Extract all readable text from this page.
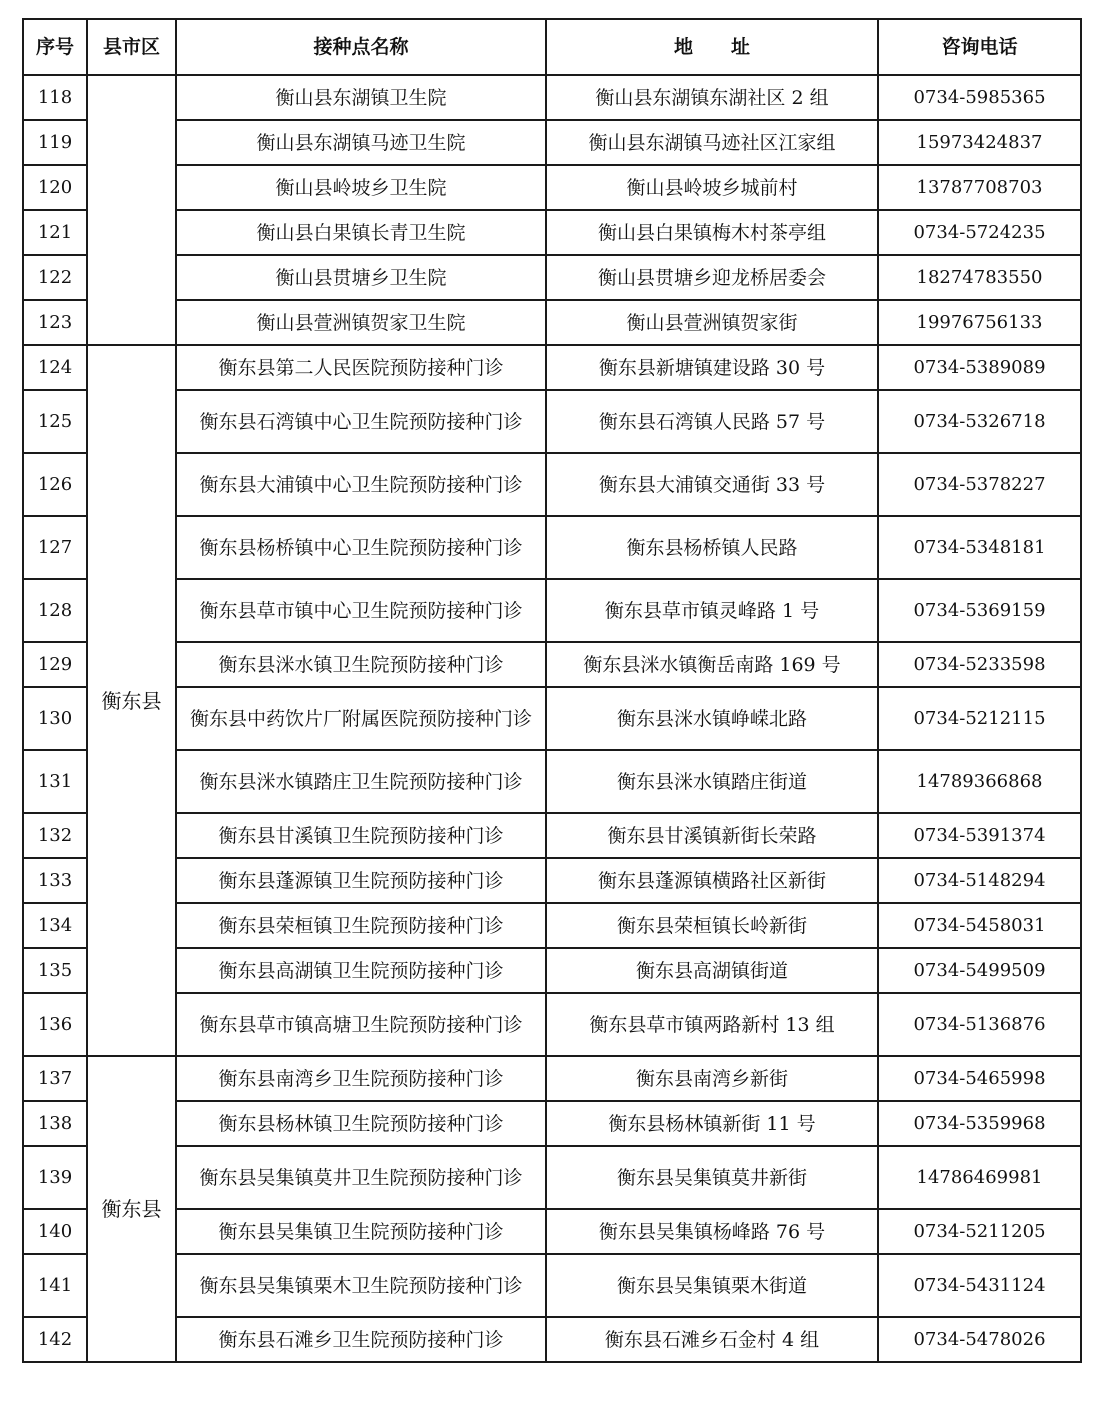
序号	县市区	接种点名称	地　　址	咨询电话
118		衡山县东湖镇卫生院	衡山县东湖镇东湖社区 2 组	0734-5985365
119		衡山县东湖镇马迹卫生院	衡山县东湖镇马迹社区江家组	15973424837
120		衡山县岭坡乡卫生院	衡山县岭坡乡城前村	13787708703
121		衡山县白果镇长青卫生院	衡山县白果镇梅木村茶亭组	0734-5724235
122		衡山县贯塘乡卫生院	衡山县贯塘乡迎龙桥居委会	18274783550
123		衡山县萱洲镇贺家卫生院	衡山县萱洲镇贺家街	19976756133
124	衡东县	衡东县第二人民医院预防接种门诊	衡东县新塘镇建设路 30 号	0734-5389089
125		衡东县石湾镇中心卫生院预防接种门诊	衡东县石湾镇人民路 57 号	0734-5326718
126		衡东县大浦镇中心卫生院预防接种门诊	衡东县大浦镇交通街 33 号	0734-5378227
127		衡东县杨桥镇中心卫生院预防接种门诊	衡东县杨桥镇人民路	0734-5348181
128		衡东县草市镇中心卫生院预防接种门诊	衡东县草市镇灵峰路 1 号	0734-5369159
129		衡东县洣水镇卫生院预防接种门诊	衡东县洣水镇衡岳南路 169 号	0734-5233598
130		衡东县中药饮片厂附属医院预防接种门诊	衡东县洣水镇峥嵘北路	0734-5212115
131		衡东县洣水镇踏庄卫生院预防接种门诊	衡东县洣水镇踏庄街道	14789366868
132		衡东县甘溪镇卫生院预防接种门诊	衡东县甘溪镇新街长荣路	0734-5391374
133		衡东县蓬源镇卫生院预防接种门诊	衡东县蓬源镇横路社区新街	0734-5148294
134		衡东县荣桓镇卫生院预防接种门诊	衡东县荣桓镇长岭新街	0734-5458031
135		衡东县高湖镇卫生院预防接种门诊	衡东县高湖镇街道	0734-5499509
136		衡东县草市镇高塘卫生院预防接种门诊	衡东县草市镇两路新村 13 组	0734-5136876
137	衡东县	衡东县南湾乡卫生院预防接种门诊	衡东县南湾乡新街	0734-5465998
138		衡东县杨林镇卫生院预防接种门诊	衡东县杨林镇新街 11 号	0734-5359968
139		衡东县吴集镇莫井卫生院预防接种门诊	衡东县吴集镇莫井新街	14786469981
140		衡东县吴集镇卫生院预防接种门诊	衡东县吴集镇杨峰路 76 号	0734-5211205
141		衡东县吴集镇栗木卫生院预防接种门诊	衡东县吴集镇栗木街道	0734-5431124
142		衡东县石滩乡卫生院预防接种门诊	衡东县石滩乡石金村 4 组	0734-5478026
